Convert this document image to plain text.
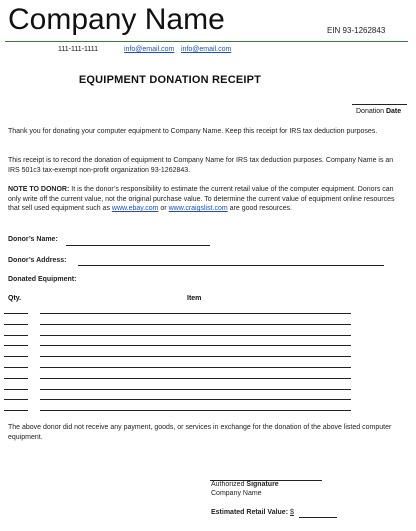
Company Name	EIN 93-1262843
111-111-1111	info@email.com info@email.com
EQUIPMENT DONATION RECEIPT
Donation Date
Thank you for donating your computer equipment to Company Name. Keep this receipt for IRS tax deduction purposes.
This receipt is to record the donation of equipment to Company Name for IRS tax deduction purposes. Company Name is an IRS 501c3 tax-exempt non-profit organization 93-1262843.
NOTE TO DONOR: It is the donor’s responsibility to estimate the current retail value of the computer equipment. Donors can only write off the current value, not the original purchase value. To determine the current value of equipment online resources that sell used equipment such as www.ebay.com or www.craigslist.com are good resources.
Donor’s Name:
Donor’s Address:
Donated Equipment:
Qty.	Item
The above donor did not receive any payment, goods, or services in exchange for the donation of the above listed computer equipment.
Authorized Signature
Company Name
Estimated Retail Value: $
